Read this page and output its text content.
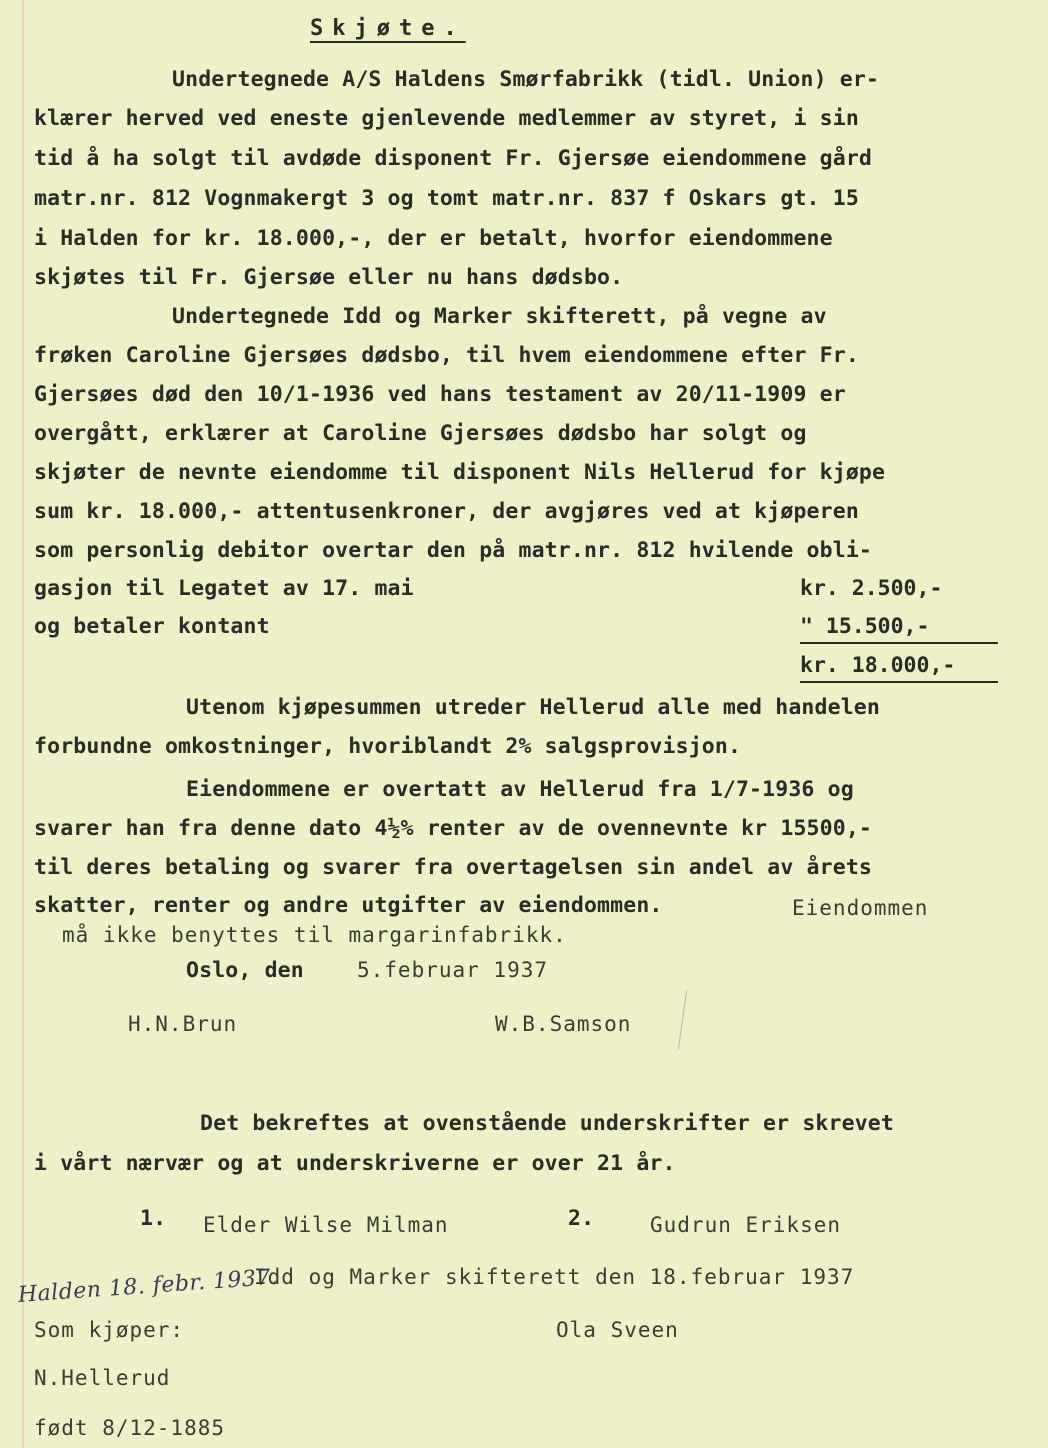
Skjøte.
Undertegnede A/S Haldens Smørfabrikk (tidl. Union) er-
klærer herved ved eneste gjenlevende medlemmer av styret, i sin
tid å ha solgt til avdøde disponent Fr. Gjersøe eiendommene gård
matr.nr. 812 Vognmakergt 3 og tomt matr.nr. 837 f Oskars gt. 15
i Halden for kr. 18.000,-, der er betalt, hvorfor eiendommene
skjøtes til Fr. Gjersøe eller nu hans dødsbo.
Undertegnede Idd og Marker skifterett, på vegne av
frøken Caroline Gjersøes dødsbo, til hvem eiendommene efter Fr.
Gjersøes død den 10/1-1936 ved hans testament av 20/11-1909 er
overgått, erklærer at Caroline Gjersøes dødsbo har solgt og
skjøter de nevnte eiendomme til disponent Nils Hellerud for kjøpe
sum kr. 18.000,- attentusenkroner, der avgjøres ved at kjøperen
som personlig debitor overtar den på matr.nr. 812 hvilende obli-
gasjon til Legatet av 17. mai
og betaler kontant
kr. 2.500,-
" 15.500,-
kr. 18.000,-
Utenom kjøpesummen utreder Hellerud alle med handelen
forbundne omkostninger, hvoriblandt 2% salgsprovisjon.
Eiendommene er overtatt av Hellerud fra 1/7-1936 og
svarer han fra denne dato 4½% renter av de ovennevnte kr 15500,-
til deres betaling og svarer fra overtagelsen sin andel av årets
skatter, renter og andre utgifter av eiendommen.	Eiendommen
må ikke benyttes til margarinfabrikk.
Oslo, den	5.februar 1937
H.N.Brun	W.B.Samson
Det bekreftes at ovenstående underskrifter er skrevet
i vårt nærvær og at underskriverne er over 21 år.
1. Elder Wilse Milman	2.	Gudrun Eriksen
Idd og Marker skifterett den 18.februar 1937
Halden 18. febr. 1937.
Som kjøper:	Ola Sveen
N.Hellerud
født 8/12-1885
